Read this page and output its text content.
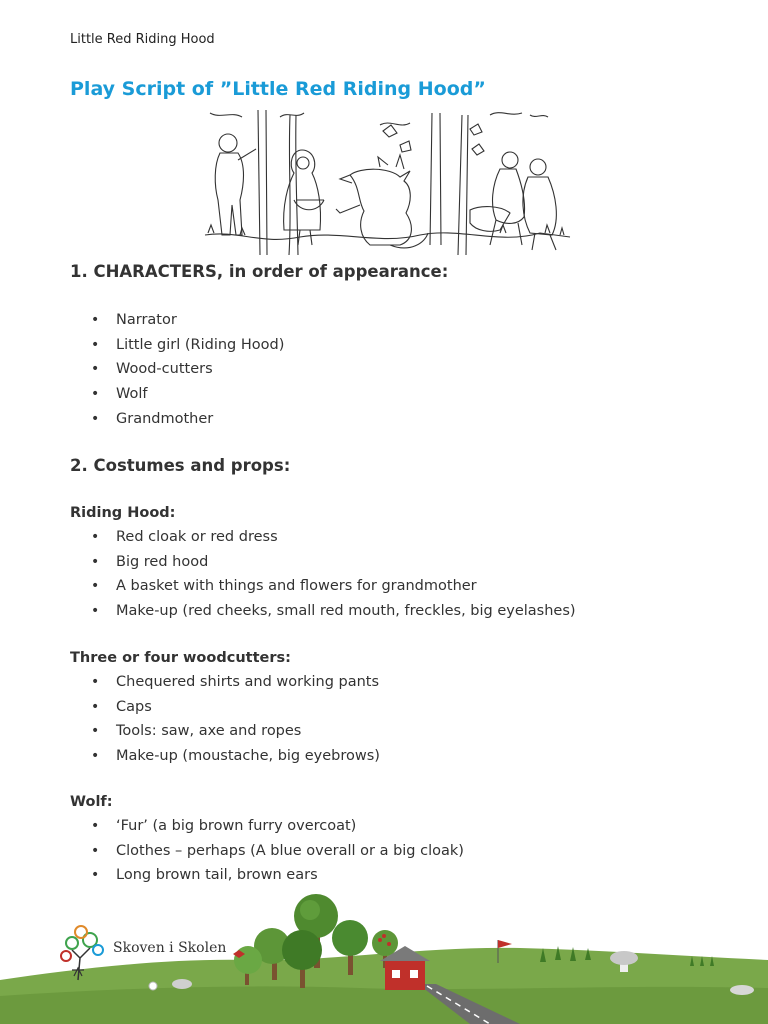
Little Red Riding Hood
Play Script of ”Little Red Riding Hood”
1. CHARACTERS, in order of appearance:
• Narrator
• Little girl (Riding Hood)
• Wood-cutters
• Wolf
• Grandmother
2. Costumes and props:
Riding Hood:
• Red cloak or red dress
• Big red hood
• A basket with things and flowers for grandmother
• Make-up (red cheeks, small red mouth, freckles, big eyelashes)
Three or four woodcutters:
• Chequered shirts and working pants
• Caps
• Tools: saw, axe and ropes
• Make-up (moustache, big eyebrows)
Wolf:
• ‘Fur’ (a big brown furry overcoat)
• Clothes – perhaps (A blue overall or a big cloak)
• Long brown tail, brown ears
Skoven i Skolen
